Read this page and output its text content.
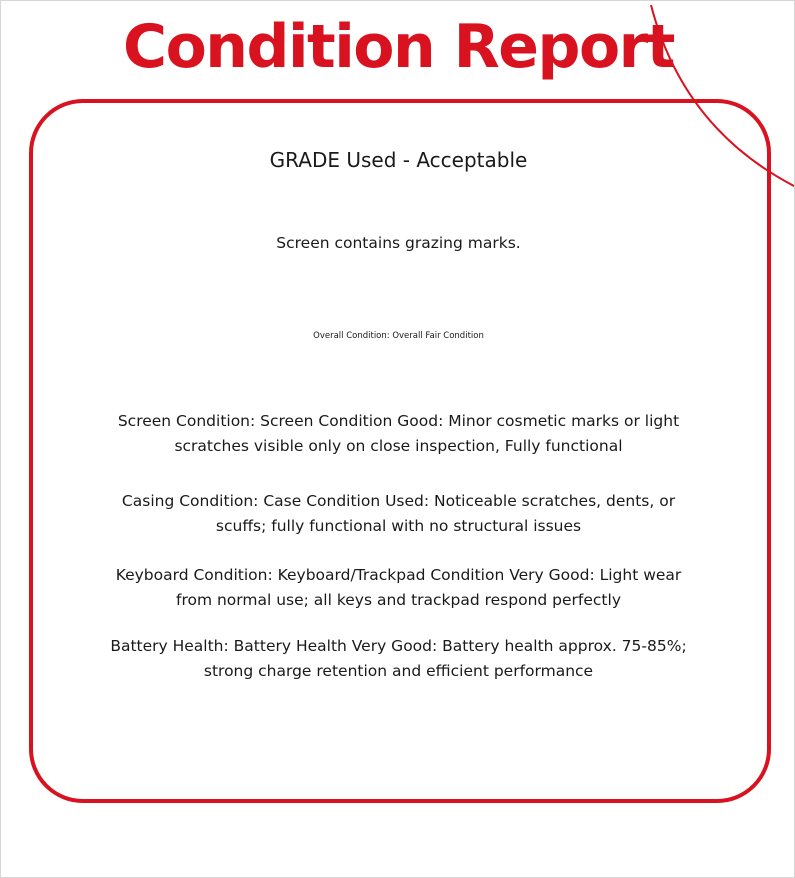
Condition Report

GRADE Used - Acceptable

Screen contains grazing marks.

Overall Condition: Overall Fair Condition

Screen Condition: Screen Condition Good: Minor cosmetic marks or light
scratches visible only on close inspection, Fully functional

Casing Condition: Case Condition Used: Noticeable scratches, dents, or
scuffs; fully functional with no structural issues

Keyboard Condition: Keyboard/Trackpad Condition Very Good: Light wear
from normal use; all keys and trackpad respond perfectly

Battery Health: Battery Health Very Good: Battery health approx. 75-85%;
strong charge retention and efficient performance
